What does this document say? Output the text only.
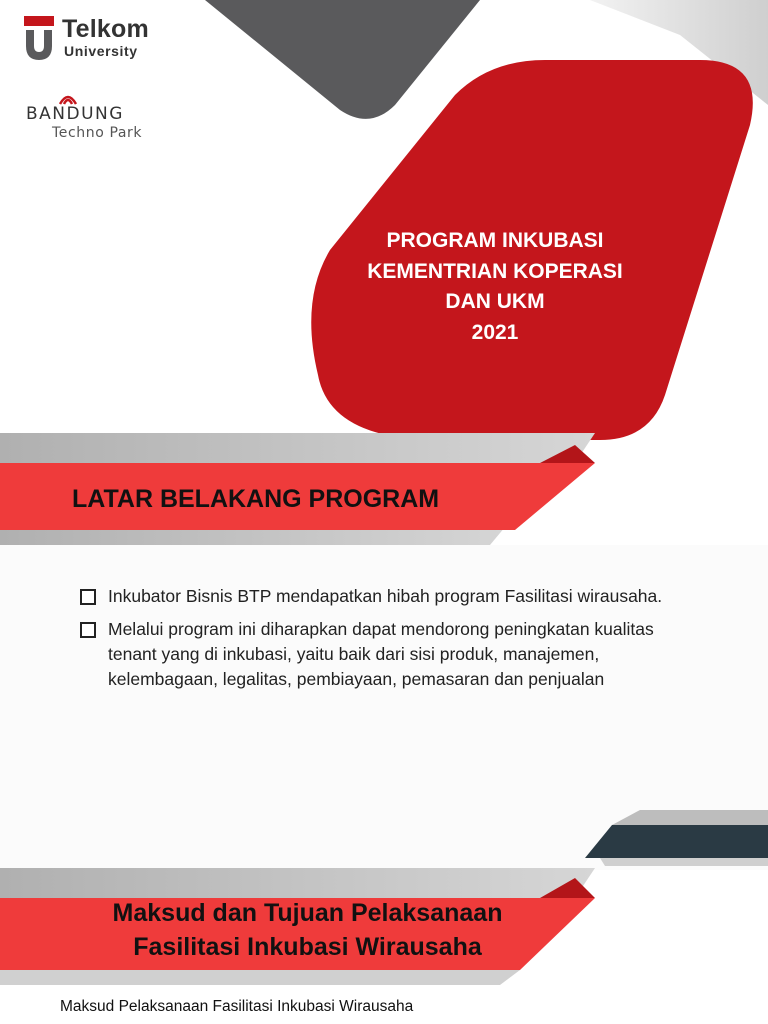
Telkom
University
BANDUNG
Techno Park
PROGRAM INKUBASI
KEMENTRIAN KOPERASI
DAN UKM
2021
LATAR BELAKANG PROGRAM
Inkubator Bisnis BTP mendapatkan hibah program Fasilitasi wirausaha.
Melalui program ini diharapkan dapat mendorong peningkatan kualitas tenant yang di inkubasi, yaitu baik dari sisi produk, manajemen, kelembagaan, legalitas, pembiayaan, pemasaran dan penjualan
Maksud dan Tujuan Pelaksanaan
Fasilitasi Inkubasi Wirausaha
Maksud Pelaksanaan Fasilitasi Inkubasi Wirausaha
